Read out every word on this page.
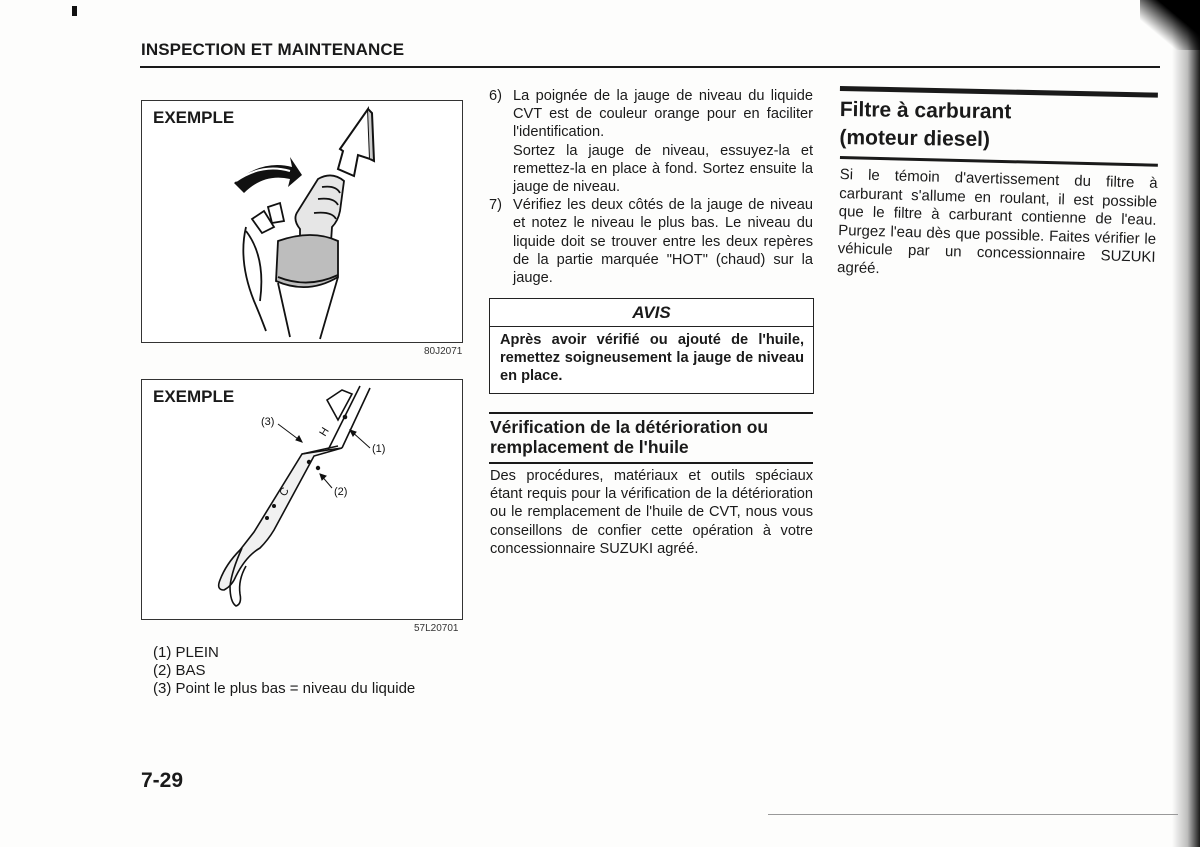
INSPECTION ET MAINTENANCE
EXEMPLE
80J2071
EXEMPLE
H
C
(3)
(1)
(2)
57L20701
(1) PLEIN
(2) BAS
(3) Point le plus bas = niveau du liquide
7-29
6) La poignée de la jauge de niveau du liquide CVT est de couleur orange pour en faciliter l'identification.
Sortez la jauge de niveau, essuyez-la et remettez-la en place à fond. Sortez ensuite la jauge de niveau.
7) Vérifiez les deux côtés de la jauge de niveau et notez le niveau le plus bas. Le niveau du liquide doit se trouver entre les deux repères de la partie marquée "HOT" (chaud) sur la jauge.
AVIS
Après avoir vérifié ou ajouté de l'huile, remettez soigneusement la jauge de niveau en place.
Vérification de la détérioration ou remplacement de l'huile
Des procédures, matériaux et outils spéciaux étant requis pour la vérification de la détérioration ou le remplacement de l'huile de CVT, nous vous conseillons de confier cette opération à votre concessionnaire SUZUKI agréé.
Filtre à carburant
(moteur diesel)
Si le témoin d'avertissement du filtre à carburant s'allume en roulant, il est possible que le filtre à carburant contienne de l'eau. Purgez l'eau dès que possible. Faites vérifier le véhicule par un concessionnaire SUZUKI agréé.
